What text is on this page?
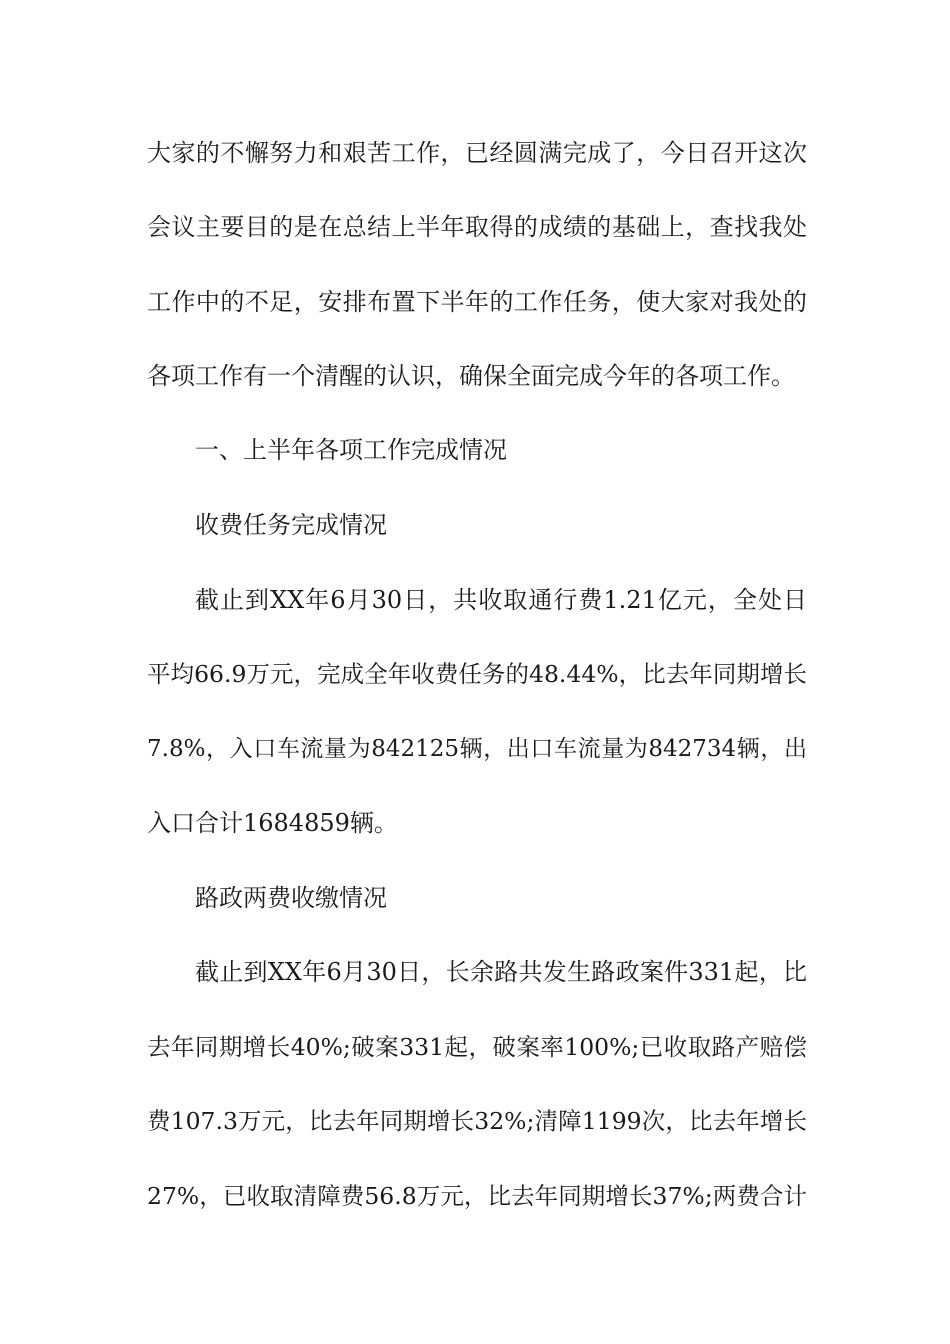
大家的不懈努力和艰苦工作，已经圆满完成了，今日召开这次
会议主要目的是在总结上半年取得的成绩的基础上，查找我处
工作中的不足，安排布置下半年的工作任务，使大家对我处的
各项工作有一个清醒的认识，确保全面完成今年的各项工作。
一、上半年各项工作完成情况
收费任务完成情况
截止到XX年6月30日，共收取通行费1.21亿元，全处日
平均66.9万元，完成全年收费任务的48.44%，比去年同期增长
7.8%，入口车流量为842125辆，出口车流量为842734辆，出
入口合计1684859辆。
路政两费收缴情况
截止到XX年6月30日，长余路共发生路政案件331起，比
去年同期增长40%;破案331起，破案率100%;已收取路产赔偿
费107.3万元，比去年同期增长32%;清障1199次，比去年增长
27%，已收取清障费56.8万元，比去年同期增长37%;两费合计
